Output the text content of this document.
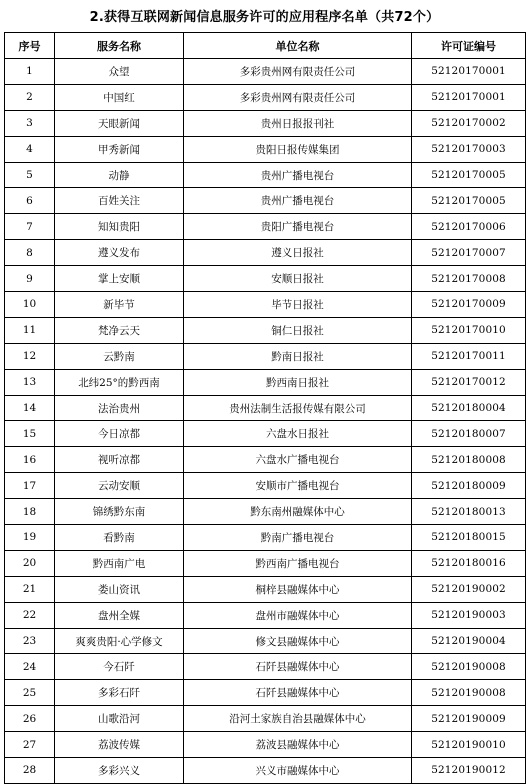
2.获得互联网新闻信息服务许可的应用程序名单（共72个）
序号	服务名称	单位名称	许可证编号
1	众望	多彩贵州网有限责任公司	52120170001
2	中国红	多彩贵州网有限责任公司	52120170001
3	天眼新闻	贵州日报报刊社	52120170002
4	甲秀新闻	贵阳日报传媒集团	52120170003
5	动静	贵州广播电视台	52120170005
6	百姓关注	贵州广播电视台	52120170005
7	知知贵阳	贵阳广播电视台	52120170006
8	遵义发布	遵义日报社	52120170007
9	掌上安顺	安顺日报社	52120170008
10	新毕节	毕节日报社	52120170009
11	梵净云天	铜仁日报社	52120170010
12	云黔南	黔南日报社	52120170011
13	北纬25°的黔西南	黔西南日报社	52120170012
14	法治贵州	贵州法制生活报传媒有限公司	52120180004
15	今日凉都	六盘水日报社	52120180007
16	视听凉都	六盘水广播电视台	52120180008
17	云动安顺	安顺市广播电视台	52120180009
18	锦绣黔东南	黔东南州融媒体中心	52120180013
19	看黔南	黔南广播电视台	52120180015
20	黔西南广电	黔西南广播电视台	52120180016
21	娄山资讯	桐梓县融媒体中心	52120190002
22	盘州全媒	盘州市融媒体中心	52120190003
23	爽爽贵阳·心学修文	修文县融媒体中心	52120190004
24	今石阡	石阡县融媒体中心	52120190008
25	多彩石阡	石阡县融媒体中心	52120190008
26	山歌沿河	沿河土家族自治县融媒体中心	52120190009
27	荔波传媒	荔波县融媒体中心	52120190010
28	多彩兴义	兴义市融媒体中心	52120190012
